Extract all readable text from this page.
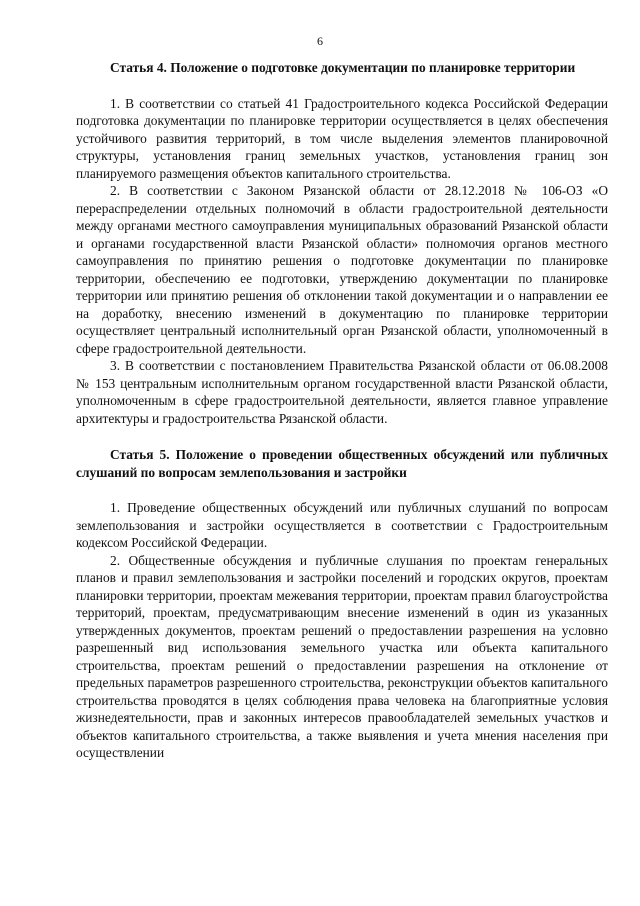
6

Статья 4. Положение о подготовке документации по планировке территории

1. В соответствии со статьей 41 Градостроительного кодекса Российской Федерации подготовка документации по планировке территории осуществляется в целях обеспечения устойчивого развития территорий, в том числе выделения элементов планировочной структуры, установления границ земельных участков, установления границ зон планируемого размещения объектов капитального строительства.

2. В соответствии с Законом Рязанской области от 28.12.2018 № 106-ОЗ «О перераспределении отдельных полномочий в области градостроительной деятельности между органами местного самоуправления муниципальных образований Рязанской области и органами государственной власти Рязанской области» полномочия органов местного самоуправления по принятию решения о подготовке документации по планировке территории, обеспечению ее подготовки, утверждению документации по планировке территории или принятию решения об отклонении такой документации и о направлении ее на доработку, внесению изменений в документацию по планировке территории осуществляет центральный исполнительный орган Рязанской области, уполномоченный в сфере градостроительной деятельности.

3. В соответствии с постановлением Правительства Рязанской области от 06.08.2008 № 153 центральным исполнительным органом государственной власти Рязанской области, уполномоченным в сфере градостроительной деятельности, является главное управление архитектуры и градостроительства Рязанской области.

Статья 5. Положение о проведении общественных обсуждений или публичных слушаний по вопросам землепользования и застройки

1. Проведение общественных обсуждений или публичных слушаний по вопросам землепользования и застройки осуществляется в соответствии с Градостроительным кодексом Российской Федерации.

2. Общественные обсуждения и публичные слушания по проектам генеральных планов и правил землепользования и застройки поселений и городских округов, проектам планировки территории, проектам межевания территории, проектам правил благоустройства территорий, проектам, предусматривающим внесение изменений в один из указанных утвержденных документов, проектам решений о предоставлении разрешения на условно разрешенный вид использования земельного участка или объекта капитального строительства, проектам решений о предоставлении разрешения на отклонение от предельных параметров разрешенного строительства, реконструкции объектов капитального строительства проводятся в целях соблюдения права человека на благоприятные условия жизнедеятельности, прав и законных интересов правообладателей земельных участков и объектов капитального строительства, а также выявления и учета мнения населения при осуществлении
